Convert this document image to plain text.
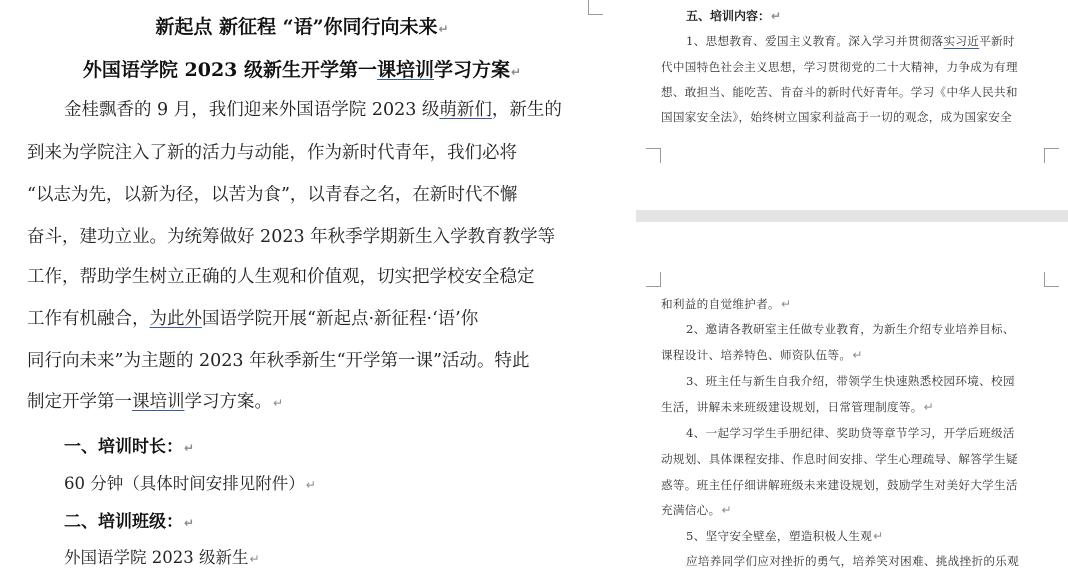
新起点 新征程 “语”你同行向未来↵
外国语学院 2023 级新生开学第一课培训学习方案↵
金桂飘香的 9 月，我们迎来外国语学院 2023 级萌新们，新生的
到来为学院注入了新的活力与动能，作为新时代青年，我们必将
“以志为先，以新为径，以苦为食”，以青春之名，在新时代不懈
奋斗，建功立业。为统筹做好 2023 年秋季学期新生入学教育教学等
工作，帮助学生树立正确的人生观和价值观，切实把学校安全稳定
工作有机融合，为此外国语学院开展“新起点·新征程·‘语’你
同行向未来”为主题的 2023 年秋季新生“开学第一课”活动。特此
制定开学第一课培训学习方案。↵
一、培训时长：↵
60 分钟（具体时间安排见附件）↵
二、培训班级：↵
外国语学院 2023 级新生↵
五、培训内容：↵
1、思想教育、爱国主义教育。深入学习并贯彻落实习近平新时
代中国特色社会主义思想，学习贯彻党的二十大精神，力争成为有理
想、敢担当、能吃苦、肯奋斗的新时代好青年。学习《中华人民共和
国国家安全法》，始终树立国家利益高于一切的观念，成为国家安全
和利益的自觉维护者。↵
2、邀请各教研室主任做专业教育，为新生介绍专业培养目标、
课程设计、培养特色、师资队伍等。↵
3、班主任与新生自我介绍，带领学生快速熟悉校园环境、校园
生活，讲解未来班级建设规划，日常管理制度等。↵
4、一起学习学生手册纪律、奖助贷等章节学习，开学后班级活
动规划、具体课程安排、作息时间安排、学生心理疏导、解答学生疑
惑等。班主任仔细讲解班级未来建设规划，鼓励学生对美好大学生活
充满信心。↵
5、坚守安全壁垒，塑造积极人生观↵
应培养同学们应对挫折的勇气，培养笑对困难、挑战挫折的乐观
